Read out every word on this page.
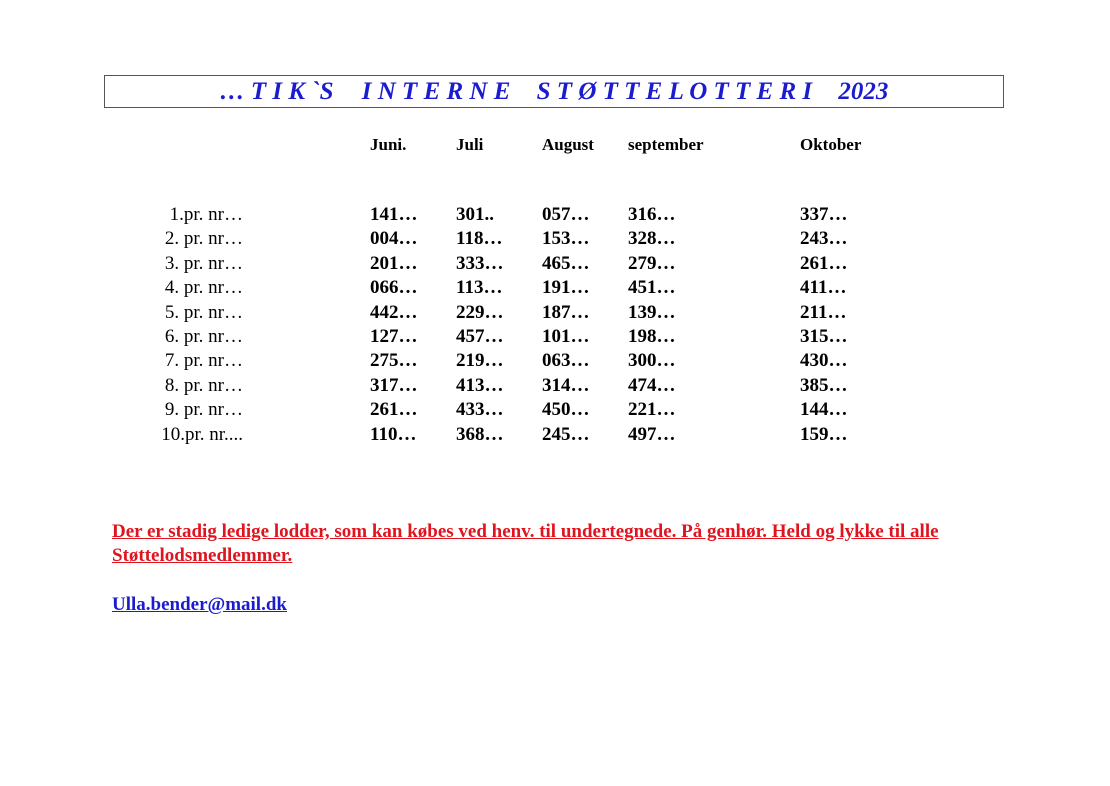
… T I K `S I N T E R N E S T Ø T T E L O T T E R I 2023
Juni.	Juli	August september	Oktober
1.pr. nr…	141… 301..	057… 316…	337…
2. pr. nr…	004… 118… 153… 328…	243…
3. pr. nr…	201… 333… 465… 279…	261…
4. pr. nr…	066… 113… 191… 451…	411…
5. pr. nr…	442… 229… 187… 139…	211…
6. pr. nr…	127… 457… 101… 198…	315…
7. pr. nr…	275… 219… 063… 300…	430…
8. pr. nr…	317… 413… 314… 474…	385…
9. pr. nr…	261… 433… 450… 221…	144…
10.pr. nr....	110… 368… 245… 497…	159…
Der er stadig ledige lodder, som kan købes ved henv. til undertegnede. På genhør. Held og lykke til alle Støttelodsmedlemmer.
Ulla.bender@mail.dk
